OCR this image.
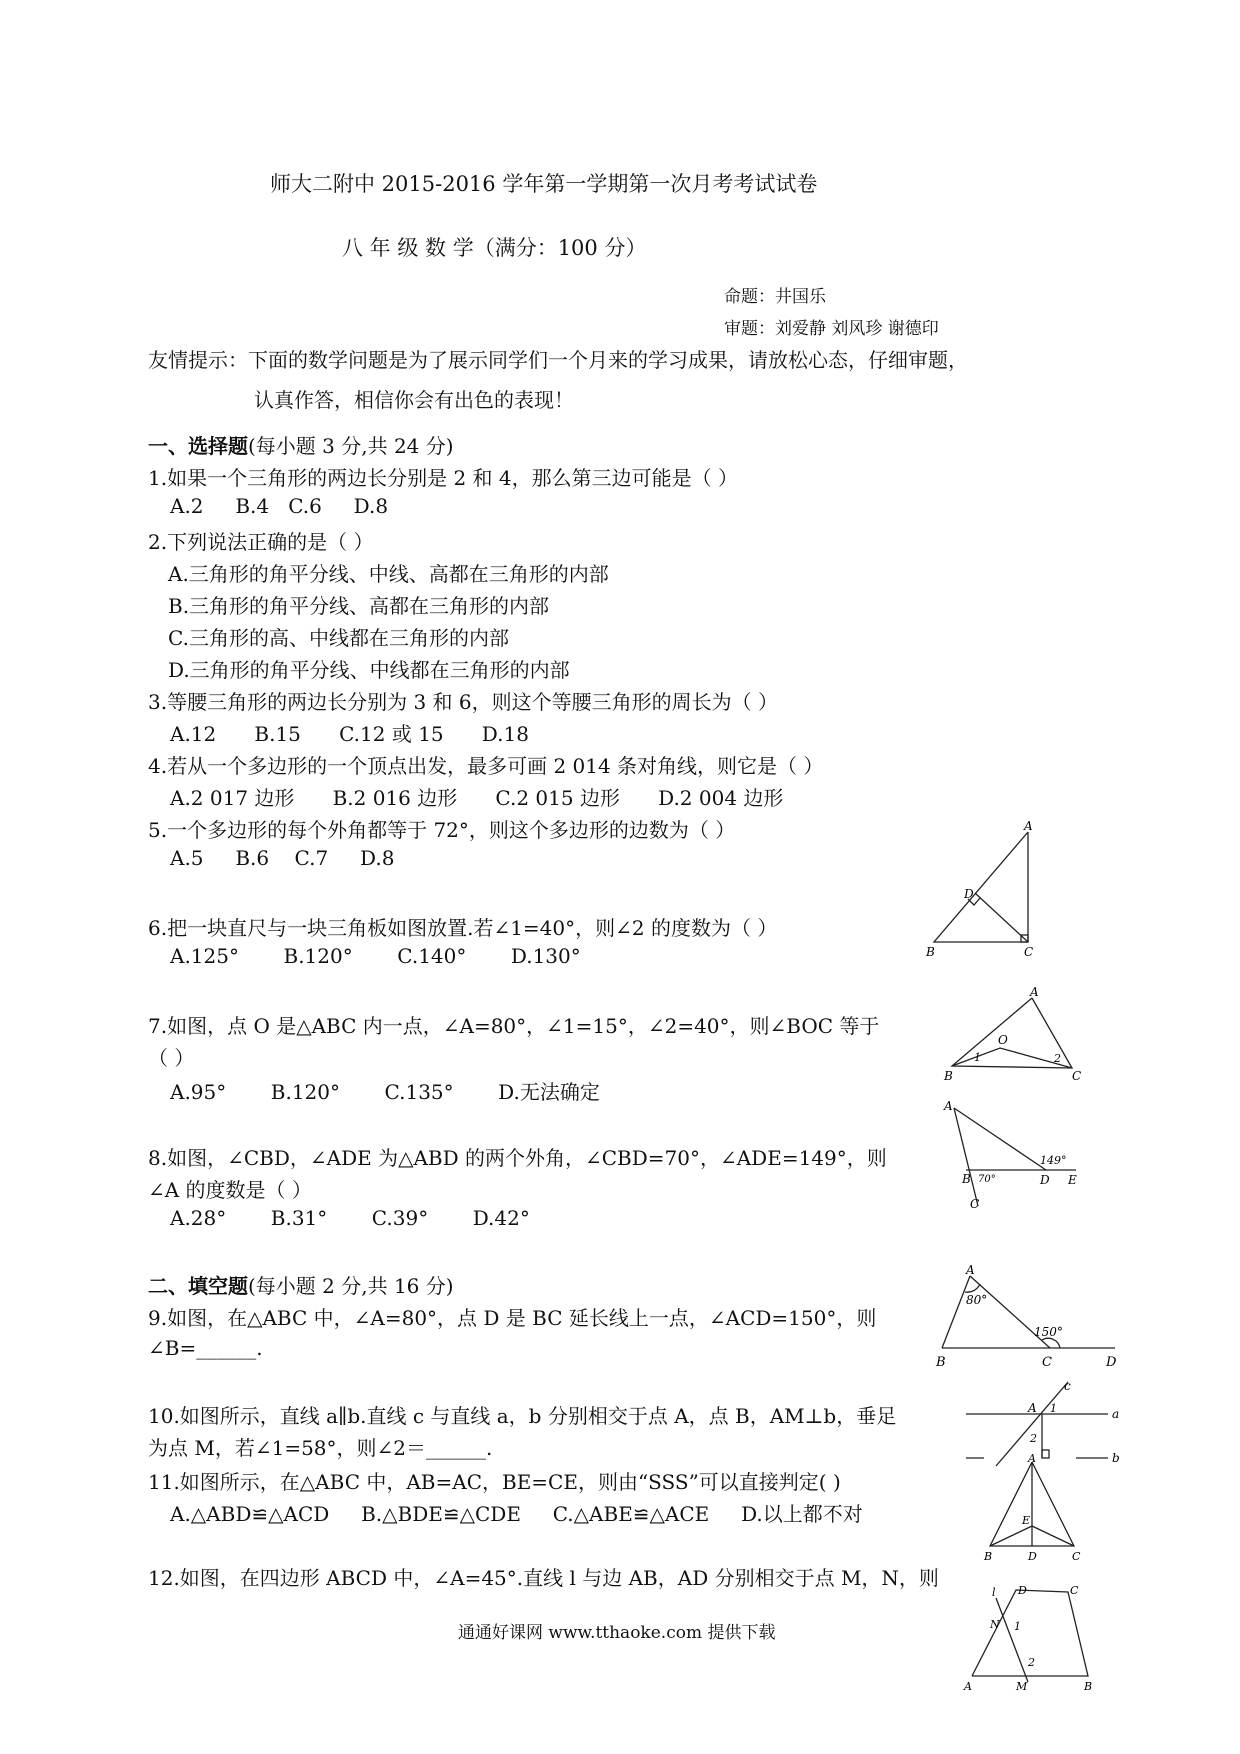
师大二附中 2015-2016 学年第一学期第一次月考考试试卷
八 年 级 数 学（满分：100 分）
命题：井国乐
审题：刘爱静 刘风珍 谢德印
友情提示：下面的数学问题是为了展示同学们一个月来的学习成果，请放松心态，仔细审题，
认真作答，相信你会有出色的表现！
一、选择题(每小题 3 分,共 24 分)
1.如果一个三角形的两边长分别是 2 和 4，那么第三边可能是（ ）
A.2 B.4 C.6 D.8
2.下列说法正确的是（ ）
A.三角形的角平分线、中线、高都在三角形的内部
B.三角形的角平分线、高都在三角形的内部
C.三角形的高、中线都在三角形的内部
D.三角形的角平分线、中线都在三角形的内部
3.等腰三角形的两边长分别为 3 和 6，则这个等腰三角形的周长为（ ）
A.12 B.15 C.12 或 15 D.18
4.若从一个多边形的一个顶点出发，最多可画 2 014 条对角线，则它是（ ）
A.2 017 边形 B.2 016 边形 C.2 015 边形 D.2 004 边形
5.一个多边形的每个外角都等于 72°，则这个多边形的边数为（ ）
A.5 B.6 C.7 D.8
6.把一块直尺与一块三角板如图放置.若∠1=40°，则∠2 的度数为（ ）
A.125° B.120° C.140° D.130°
7.如图，点 O 是△ABC 内一点，∠A=80°，∠1=15°，∠2=40°，则∠BOC 等于
（ ）
A.95° B.120° C.135° D.无法确定
8.如图，∠CBD，∠ADE 为△ABD 的两个外角，∠CBD=70°，∠ADE=149°，则
∠A 的度数是（ ）
A.28° B.31° C.39° D.42°
二、填空题(每小题 2 分,共 16 分)
9.如图，在△ABC 中，∠A=80°，点 D 是 BC 延长线上一点，∠ACD=150°，则
∠B=______.
10.如图所示，直线 a∥b.直线 c 与直线 a，b 分别相交于点 A，点 B，AM⊥b，垂足
为点 M，若∠1=58°，则∠2＝______.
11.如图所示，在△ABC 中，AB=AC，BE=CE，则由“SSS”可以直接判定( )
A.△ABD≌△ACD B.△BDE≌△CDE C.△ABE≌△ACE D.以上都不对
12.如图，在四边形 ABCD 中，∠A=45°.直线 l 与边 AB，AD 分别相交于点 M，N，则
通通好课网 www.tthaoke.com 提供下载
A
D
B	C
A
O
1	2
B	C
A
149°
B 70°	D E
C
A
80°
150°
B	C	D
c
A 1	a
2
b
A
E
B	D	C
l D	C
N 1
2
A	M	B
